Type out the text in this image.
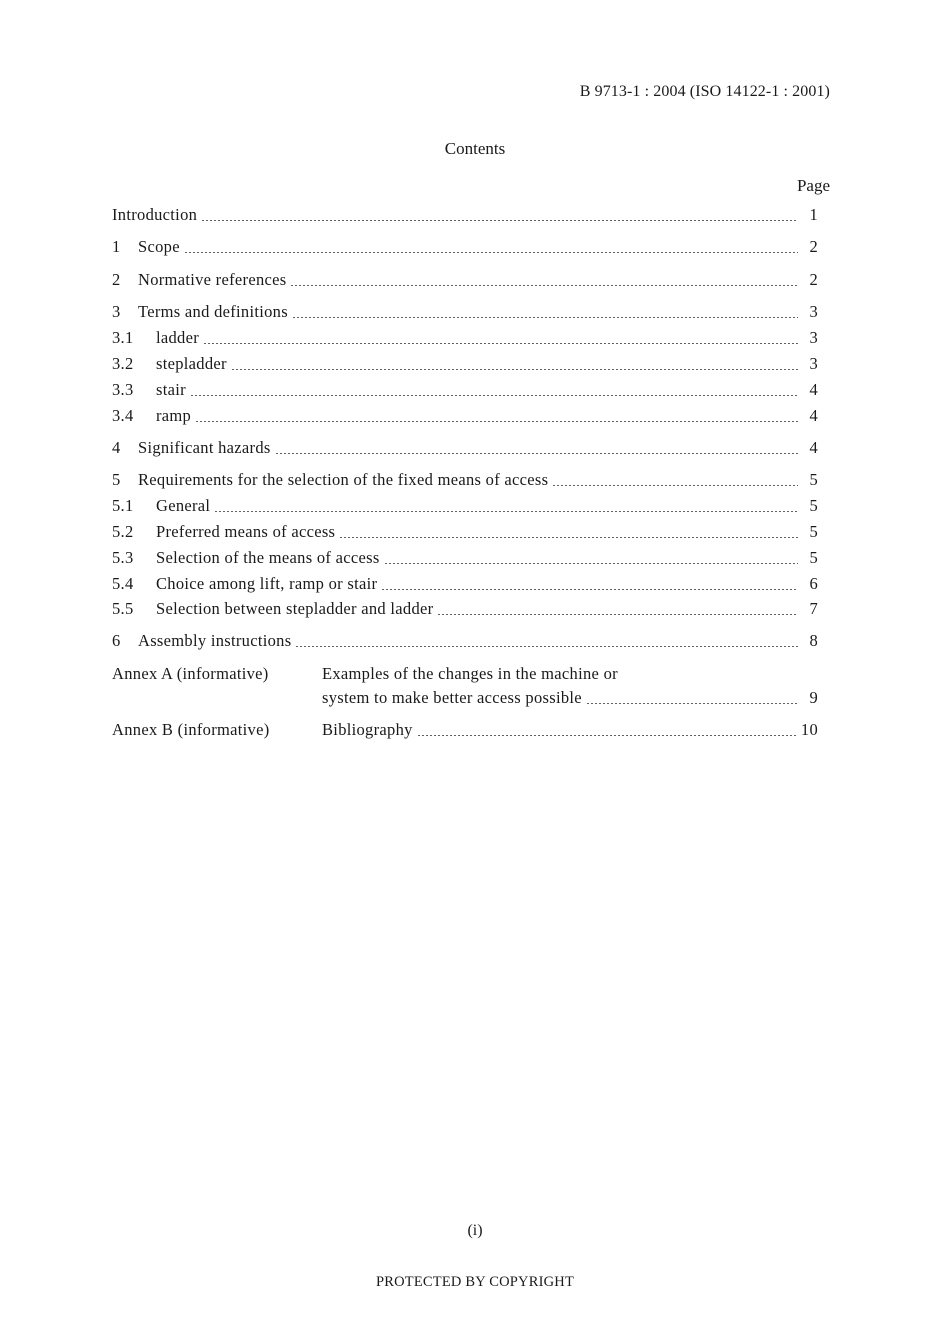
B 9713-1 : 2004 (ISO 14122-1 : 2001)
Contents
Page
Introduction	1
1	Scope	2
2	Normative references	2
3	Terms and definitions	3
3.1	ladder	3
3.2	stepladder	3
3.3	stair	4
3.4	ramp	4
4	Significant hazards	4
5	Requirements for the selection of the fixed means of access	5
5.1	General	5
5.2	Preferred means of access	5
5.3	Selection of the means of access	5
5.4	Choice among lift, ramp or stair	6
5.5	Selection between stepladder and ladder	7
6	Assembly instructions	8
Annex A (informative)	Examples of the changes in the machine or
system to make better access possible	9
Annex B (informative)	Bibliography	10
(i)
PROTECTED BY COPYRIGHT
